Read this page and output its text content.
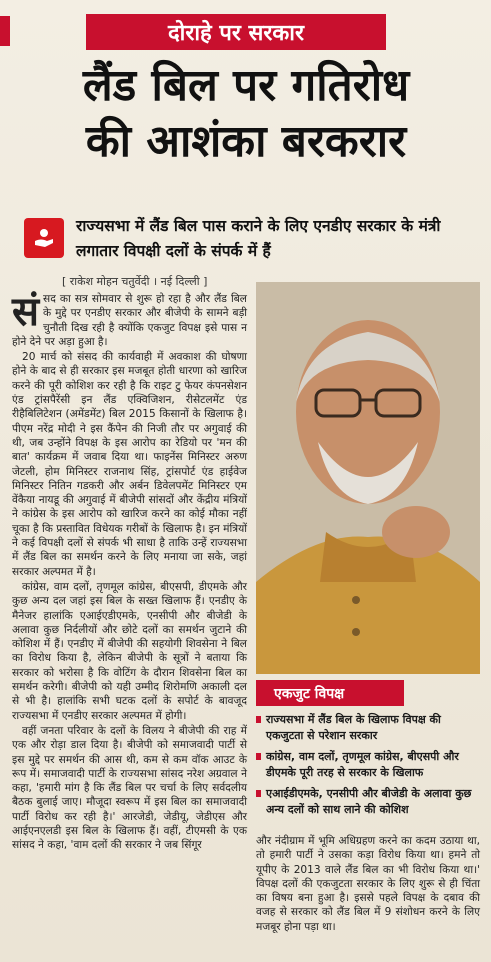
दोराहे पर सरकार
लैंड बिल पर गतिरोध
की आशंका बरकरार
राज्यसभा में लैंड बिल पास कराने के लिए एनडीए सरकार के मंत्री लगातार विपक्षी दलों के संपर्क में हैं
[ राकेश मोहन चतुर्वेदी । नई दिल्ली ]

सं सद का सत्र सोमवार से शुरू हो रहा है और लैंड बिल के मुद्दे पर एनडीए सरकार और बीजेपी के सामने बड़ी चुनौती दिख रही है क्योंकि एकजुट विपक्ष इसे पास न होने देने पर अड़ा हुआ है।

20 मार्च को संसद की कार्यवाही में अवकाश की घोषणा होने के बाद से ही सरकार इस मजबूत होती धारणा को खारिज करने की पूरी कोशिश कर रही है कि राइट टु फेयर कंपनसेशन एंड ट्रांसपैरेंसी इन लैंड एक्विजिशन, रीसेटलमेंट एंड रीहैबिलिटेशन (अमेंडमेंट) बिल 2015 किसानों के खिलाफ है। पीएम नरेंद्र मोदी ने इस कैंपेन की निजी तौर पर अगुवाई की थी, जब उन्होंने विपक्ष के इस आरोप का रेडियो पर 'मन की बात' कार्यक्रम में जवाब दिया था। फाइनेंस मिनिस्टर अरुण जेटली, होम मिनिस्टर राजनाथ सिंह, ट्रांसपोर्ट एंड हाईवेज मिनिस्टर नितिन गडकरी और अर्बन डिवेलपमेंट मिनिस्टर एम वेंकैया नायडू की अगुवाई में बीजेपी सांसदों और केंद्रीय मंत्रियों ने कांग्रेस के इस आरोप को खारिज करने का कोई मौका नहीं चूका है कि प्रस्तावित विधेयक गरीबों के खिलाफ है। इन मंत्रियों ने कई विपक्षी दलों से संपर्क भी साधा है ताकि उन्हें राज्यसभा में लैंड बिल का समर्थन करने के लिए मनाया जा सके, जहां सरकार अल्पमत में है।

कांग्रेस, वाम दलों, तृणमूल कांग्रेस, बीएसपी, डीएमके और कुछ अन्य दल जहां इस बिल के सख्त खिलाफ हैं। एनडीए के मैनेजर हालांकि एआईएडीएमके, एनसीपी और बीजेडी के अलावा कुछ निर्दलीयों और छोटे दलों का समर्थन जुटाने की कोशिश में हैं। एनडीए में बीजेपी की सहयोगी शिवसेना ने बिल का विरोध किया है, लेकिन बीजेपी के सूत्रों ने बताया कि सरकार को भरोसा है कि वोटिंग के दौरान शिवसेना बिल का समर्थन करेगी। बीजेपी को यही उम्मीद शिरोमणि अकाली दल से भी है। हालांकि सभी घटक दलों के सपोर्ट के बावजूद राज्यसभा में एनडीए सरकार अल्पमत में होगी।

वहीं जनता परिवार के दलों के विलय ने बीजेपी की राह में एक और रोड़ा डाल दिया है। बीजेपी को समाजवादी पार्टी से इस मुद्दे पर समर्थन की आस थी, कम से कम वॉक आउट के रूप में। समाजवादी पार्टी के राज्यसभा सांसद नरेश अग्रवाल ने कहा, 'हमारी मांग है कि लैंड बिल पर चर्चा के लिए सर्वदलीय बैठक बुलाई जाए। मौजूदा स्वरूप में इस बिल का समाजवादी पार्टी विरोध कर रही है।' आरजेडी, जेडीयू, जेडीएस और आईएनएलडी इस बिल के खिलाफ हैं। वहीं, टीएमसी के एक सांसद ने कहा, 'वाम दलों की सरकार ने जब सिंगूर

एकजुट विपक्ष
राज्यसभा में लैंड बिल के खिलाफ विपक्ष की एकजुटता से परेशान सरकार
कांग्रेस, वाम दलों, तृणमूल कांग्रेस, बीएसपी और डीएमके पूरी तरह से सरकार के खिलाफ
एआईडीएमके, एनसीपी और बीजेडी के अलावा कुछ अन्य दलों को साथ लाने की कोशिश

और नंदीग्राम में भूमि अधिग्रहण करने का कदम उठाया था, तो हमारी पार्टी ने उसका कड़ा विरोध किया था। हमने तो यूपीए के 2013 वाले लैंड बिल का भी विरोध किया था।' विपक्ष दलों की एकजुटता सरकार के लिए शुरू से ही चिंता का विषय बना हुआ है। इससे पहले विपक्ष के दबाव की वजह से सरकार को लैंड बिल में 9 संशोधन करने के लिए मजबूर होना पड़ा था।
